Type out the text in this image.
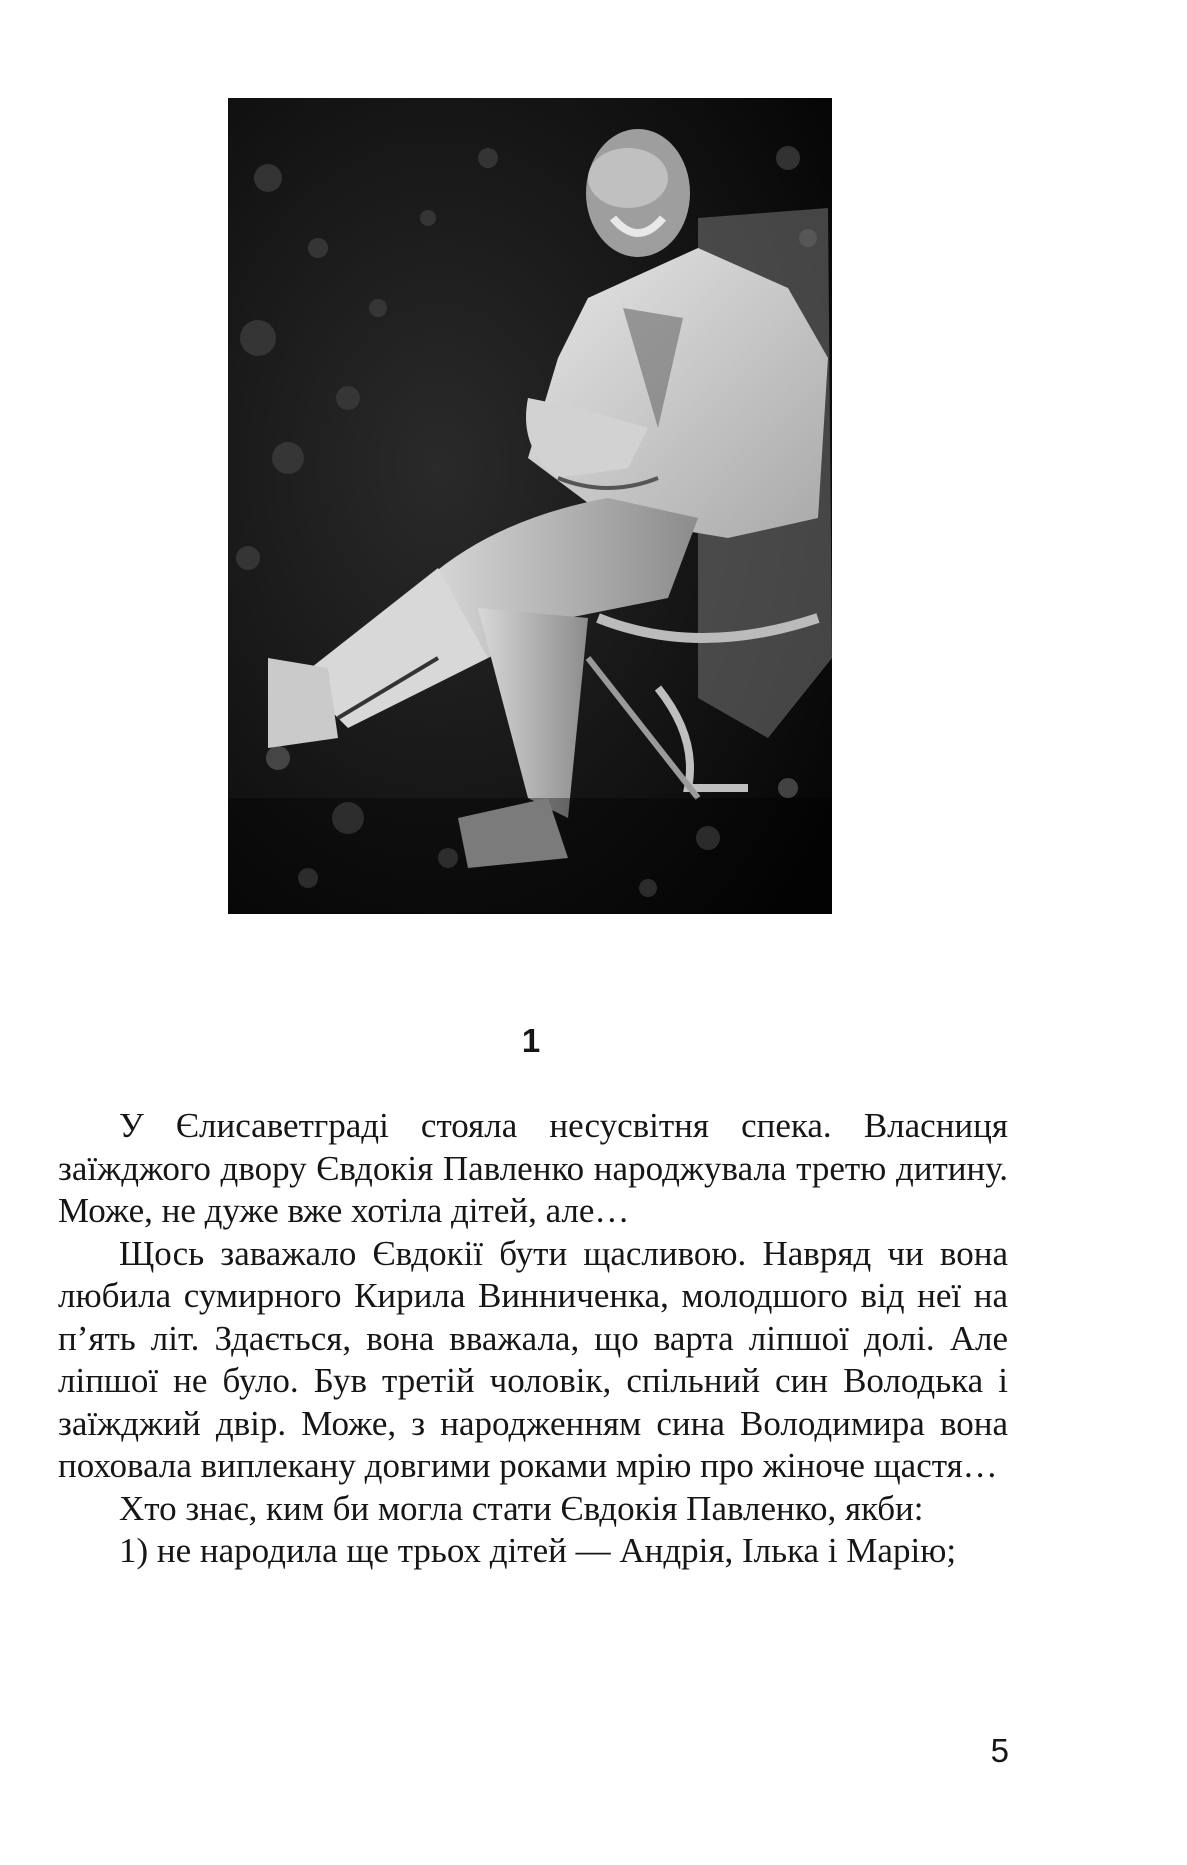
1

У Єлисаветграді стояла несусвітня спека. Власниця заїжджого двору Євдокія Павленко народжувала третю дитину. Може, не дуже вже хотіла дітей, але…

Щось заважало Євдокії бути щасливою. Навряд чи вона любила сумирного Кирила Винниченка, молодшого від неї на п’ять літ. Здається, вона вважала, що варта ліпшої долі. Але ліпшої не було. Був третій чоловік, спільний син Володька і заїжджий двір. Може, з народженням сина Володимира вона поховала виплекану довгими роками мрію про жіноче щастя…

Хто знає, ким би могла стати Євдокія Павленко, якби:

1) не народила ще трьох дітей — Андрія, Ілька і Марію;

5
